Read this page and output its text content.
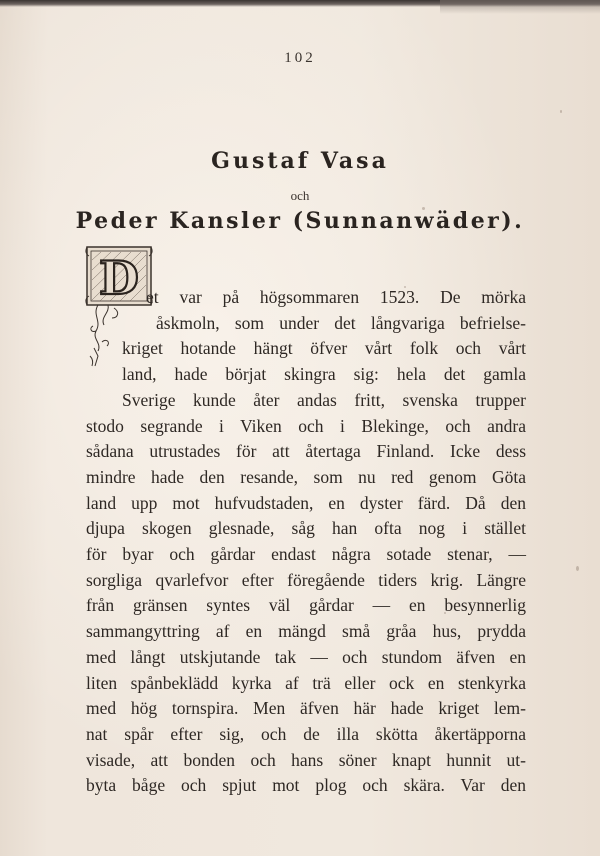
102
Gustaf Vasa
och
Peder Kansler (Sunnanwäder).
D et var på högsommaren 1523. De mörka
åskmoln, som under det långvariga befrielse-
kriget hotande hängt öfver vårt folk och vårt
land, hade börjat skingra sig: hela det gamla
Sverige kunde åter andas fritt, svenska trupper
stodo segrande i Viken och i Blekinge, och andra
sådana utrustades för att återtaga Finland. Icke dess
mindre hade den resande, som nu red genom Göta
land upp mot hufvudstaden, en dyster färd. Då den
djupa skogen glesnade, såg han ofta nog i stället
för byar och gårdar endast några sotade stenar, —
sorgliga qvarlefvor efter föregående tiders krig. Längre
från gränsen syntes väl gårdar — en besynnerlig
sammangyttring af en mängd små gråa hus, prydda
med långt utskjutande tak — och stundom äfven en
liten spånbeklädd kyrka af trä eller ock en stenkyrka
med hög tornspira. Men äfven här hade kriget lem-
nat spår efter sig, och de illa skötta åkertäpporna
visade, att bonden och hans söner knapt hunnit ut-
byta båge och spjut mot plog och skära. Var den
